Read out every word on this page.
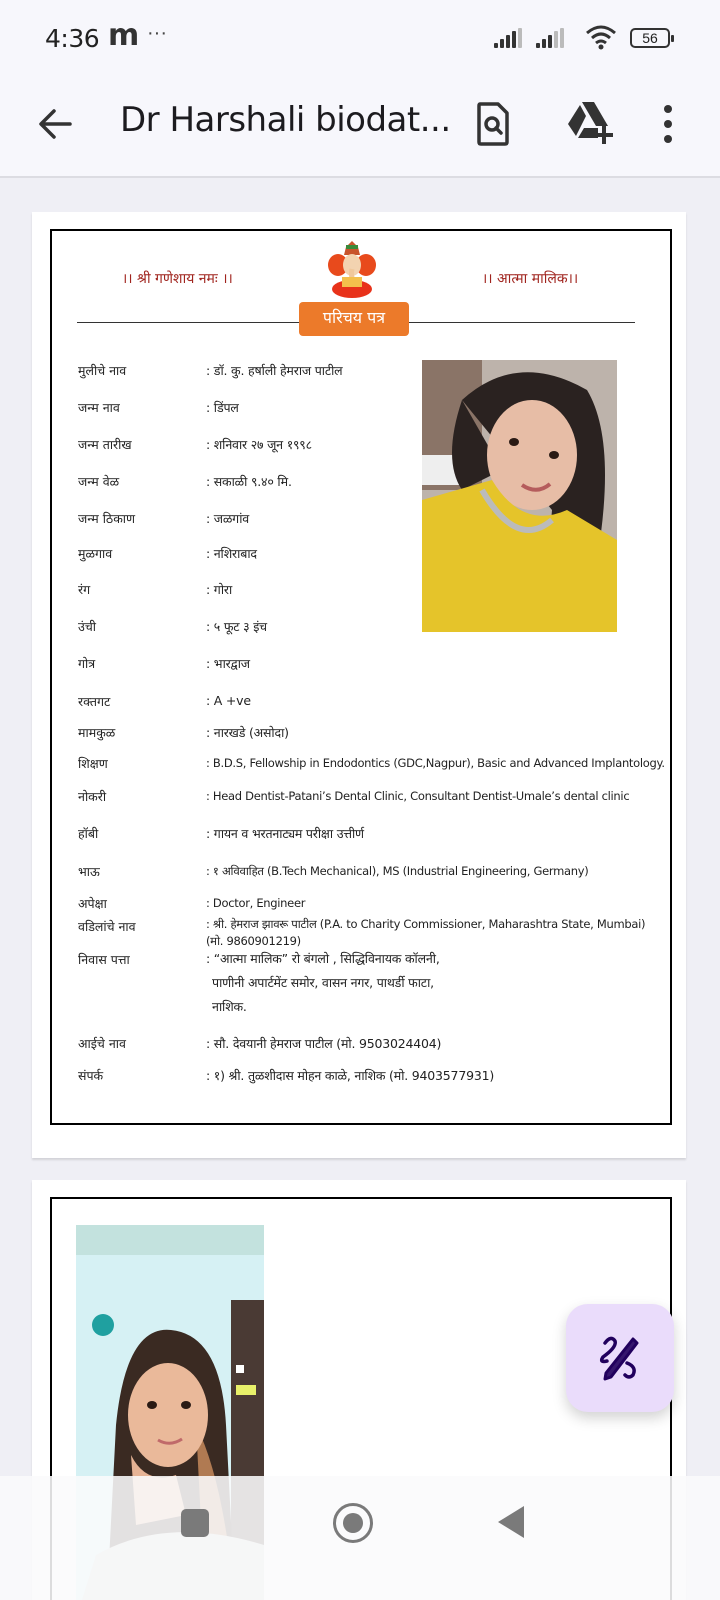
4:36 m ···	56
Dr Harshali biodat...
।। श्री गणेशाय नमः ।।	।। आत्मा मालिक।।
परिचय पत्र
मुलीचे नाव	: डॉ. कु. हर्षाली हेमराज पाटील
जन्म नाव	: डिंपल
जन्म तारीख	: शनिवार २७ जून १९९८
जन्म वेळ	: सकाळी ९.४० मि.
जन्म ठिकाण	: जळगांव
मुळगाव	: नशिराबाद
रंग	: गोरा
उंची	: ५ फूट ३ इंच
गोत्र	: भारद्वाज
रक्तगट	: A +ve
मामकुळ	: नारखडे (असोदा)
शिक्षण	: B.D.S, Fellowship in Endodontics (GDC,Nagpur), Basic and Advanced Implantology.
नोकरी	: Head Dentist-Patani’s Dental Clinic, Consultant Dentist-Umale’s dental clinic
हॉबी	: गायन व भरतनाट्यम परीक्षा उत्तीर्ण
भाऊ	: १ अविवाहित (B.Tech Mechanical), MS (Industrial Engineering, Germany)
अपेक्षा	: Doctor, Engineer
वडिलांचे नाव	: श्री. हेमराज झावरू पाटील (P.A. to Charity Commissioner, Maharashtra State, Mumbai)
(मो. 9860901219)
निवास पत्ता	: “आत्मा मालिक” रो बंगलो , सिद्धिविनायक कॉलनी,
पाणीनी अपार्टमेंट समोर, वासन नगर, पाथर्डी फाटा,
नाशिक.
आईचे नाव	: सौ. देवयानी हेमराज पाटील (मो. 9503024404)
संपर्क	: १) श्री. तुळशीदास मोहन काळे, नाशिक (मो. 9403577931)
